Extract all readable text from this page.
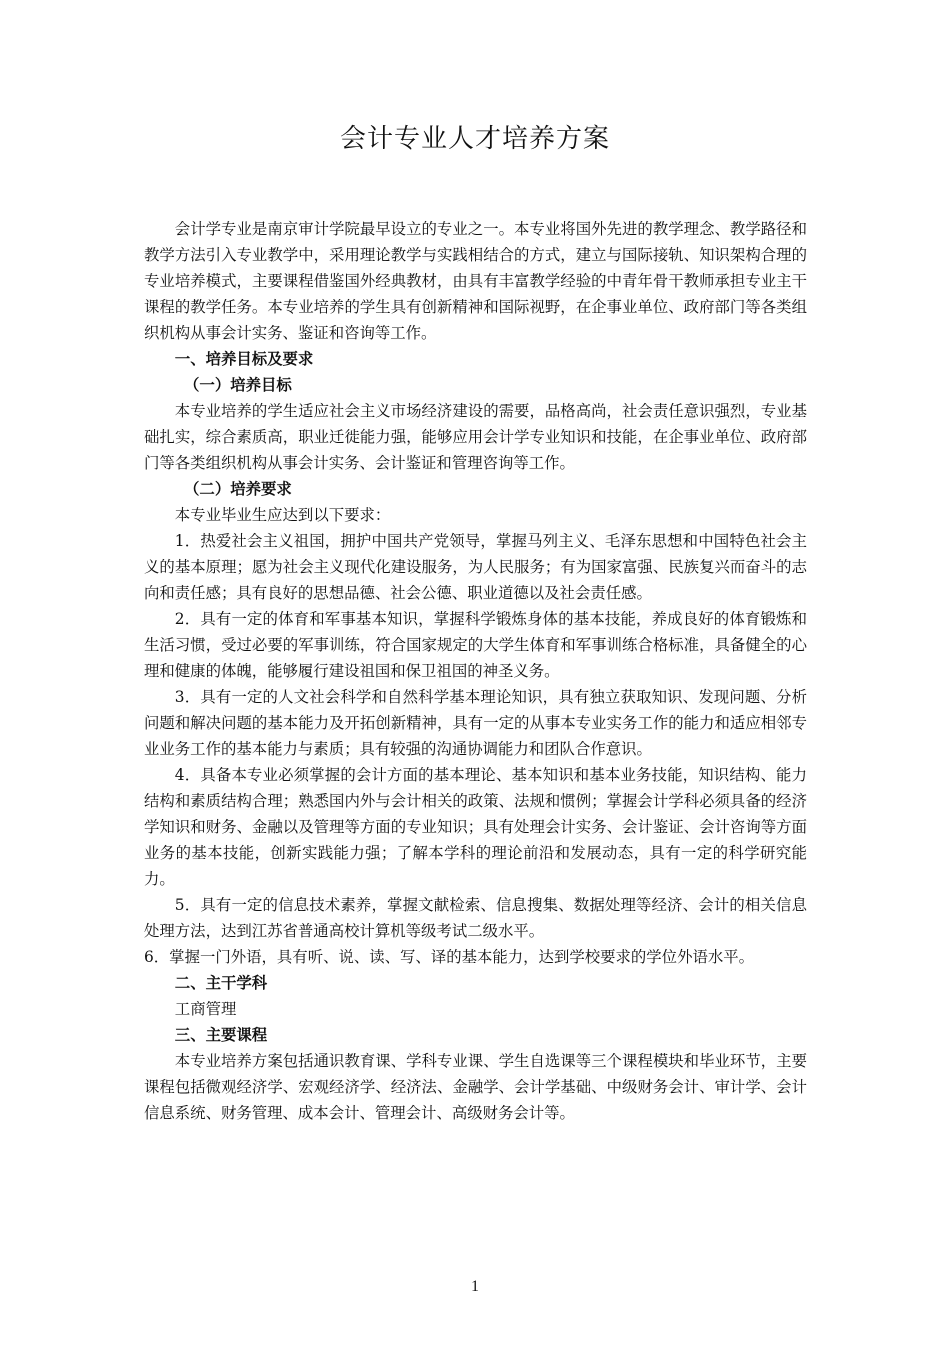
会计专业人才培养方案

会计学专业是南京审计学院最早设立的专业之一。本专业将国外先进的教学理念、教学路径和教学方法引入专业教学中，采用理论教学与实践相结合的方式，建立与国际接轨、知识架构合理的专业培养模式，主要课程借鉴国外经典教材，由具有丰富教学经验的中青年骨干教师承担专业主干课程的教学任务。本专业培养的学生具有创新精神和国际视野，在企事业单位、政府部门等各类组织机构从事会计实务、鉴证和咨询等工作。

一、培养目标及要求

（一）培养目标

本专业培养的学生适应社会主义市场经济建设的需要，品格高尚，社会责任意识强烈，专业基础扎实，综合素质高，职业迁徙能力强，能够应用会计学专业知识和技能，在企事业单位、政府部门等各类组织机构从事会计实务、会计鉴证和管理咨询等工作。

（二）培养要求

本专业毕业生应达到以下要求：

1．热爱社会主义祖国，拥护中国共产党领导，掌握马列主义、毛泽东思想和中国特色社会主义的基本原理；愿为社会主义现代化建设服务，为人民服务；有为国家富强、民族复兴而奋斗的志向和责任感；具有良好的思想品德、社会公德、职业道德以及社会责任感。

2．具有一定的体育和军事基本知识，掌握科学锻炼身体的基本技能，养成良好的体育锻炼和生活习惯，受过必要的军事训练，符合国家规定的大学生体育和军事训练合格标准，具备健全的心理和健康的体魄，能够履行建设祖国和保卫祖国的神圣义务。

3．具有一定的人文社会科学和自然科学基本理论知识，具有独立获取知识、发现问题、分析问题和解决问题的基本能力及开拓创新精神，具有一定的从事本专业实务工作的能力和适应相邻专业业务工作的基本能力与素质；具有较强的沟通协调能力和团队合作意识。

4．具备本专业必须掌握的会计方面的基本理论、基本知识和基本业务技能，知识结构、能力结构和素质结构合理；熟悉国内外与会计相关的政策、法规和惯例；掌握会计学科必须具备的经济学知识和财务、金融以及管理等方面的专业知识；具有处理会计实务、会计鉴证、会计咨询等方面业务的基本技能，创新实践能力强；了解本学科的理论前沿和发展动态，具有一定的科学研究能力。

5．具有一定的信息技术素养，掌握文献检索、信息搜集、数据处理等经济、会计的相关信息处理方法，达到江苏省普通高校计算机等级考试二级水平。

6．掌握一门外语，具有听、说、读、写、译的基本能力，达到学校要求的学位外语水平。

二、主干学科

工商管理

三、主要课程

本专业培养方案包括通识教育课、学科专业课、学生自选课等三个课程模块和毕业环节，主要课程包括微观经济学、宏观经济学、经济法、金融学、会计学基础、中级财务会计、审计学、会计信息系统、财务管理、成本会计、管理会计、高级财务会计等。

1
